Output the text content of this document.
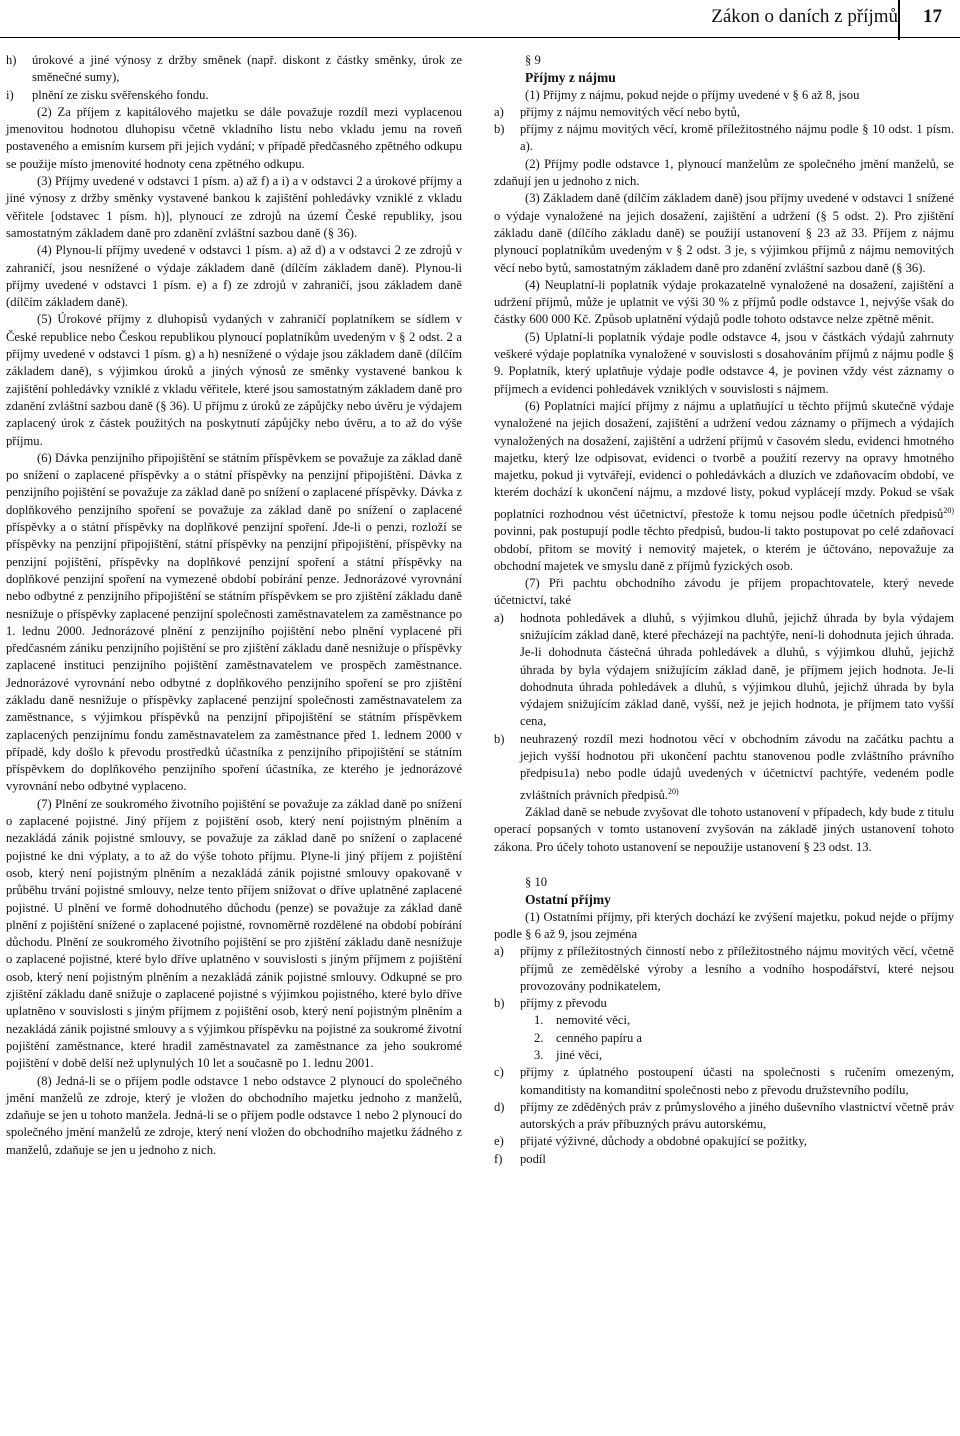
Zákon o daních z příjmů 17
h)	úrokové a jiné výnosy z držby směnek (např. diskont z částky směnky, úrok ze směnečné sumy),
i)	plnění ze zisku svěřenského fondu.

(2) Za příjem z kapitálového majetku se dále považuje rozdíl mezi vyplacenou jmenovitou hodnotou dluhopisu včetně vkladního listu nebo vkladu jemu na roveň postaveného a emisním kursem při jejich vydání; v případě předčasného zpětného odkupu se použije místo jmenovité hodnoty cena zpětného odkupu.

(3) Příjmy uvedené v odstavci 1 písm. a) až f) a i) a v odstavci 2 a úrokové příjmy a jiné výnosy z držby směnky vystavené bankou k zajištění pohledávky vzniklé z vkladu věřitele [odstavec 1 písm. h)], plynoucí ze zdrojů na území České republiky, jsou samostatným základem daně pro zdanění zvláštní sazbou daně (§ 36).

(4) Plynou-li příjmy uvedené v odstavci 1 písm. a) až d) a v odstavci 2 ze zdrojů v zahraničí, jsou nesnížené o výdaje základem daně (dílčím základem daně). Plynou-li příjmy uvedené v odstavci 1 písm. e) a f) ze zdrojů v zahraničí, jsou základem daně (dílčím základem daně).

(5) Úrokové příjmy z dluhopisů vydaných v zahraničí poplatníkem se sídlem v České republice nebo Českou republikou plynoucí poplatníkům uvedeným v § 2 odst. 2 a příjmy uvedené v odstavci 1 písm. g) a h) nesnížené o výdaje jsou základem daně (dílčím základem daně), s výjimkou úroků a jiných výnosů ze směnky vystavené bankou k zajištění pohledávky vzniklé z vkladu věřitele, které jsou samostatným základem daně pro zdanění zvláštní sazbou daně (§ 36). U příjmu z úroků ze zápůjčky nebo úvěru je výdajem zaplacený úrok z částek použitých na poskytnutí zápůjčky nebo úvěru, a to až do výše příjmu.

(6) Dávka penzijního připojištění se státním příspěvkem se považuje za základ daně po snížení o zaplacené příspěvky a o státní příspěvky na penzijní připojištění. Dávka z penzijního pojištění se považuje za základ daně po snížení o zaplacené příspěvky. Dávka z doplňkového penzijního spoření se považuje za základ daně po snížení o zaplacené příspěvky a o státní příspěvky na doplňkové penzijní spoření. Jde-li o penzi, rozloží se příspěvky na penzijní připojištění, státní příspěvky na penzijní připojištění, příspěvky na penzijní pojištění, příspěvky na doplňkové penzijní spoření a státní příspěvky na doplňkové penzijní spoření na vymezené období pobírání penze. Jednorázové vyrovnání nebo odbytné z penzijního připojištění se státním příspěvkem se pro zjištění základu daně nesnižuje o příspěvky zaplacené penzijní společnosti zaměstnavatelem za zaměstnance po 1. lednu 2000. Jednorázové plnění z penzijního pojištění nebo plnění vyplacené při předčasném zániku penzijního pojištění se pro zjištění základu daně nesnižuje o příspěvky zaplacené instituci penzijního pojištění zaměstnavatelem ve prospěch zaměstnance. Jednorázové vyrovnání nebo odbytné z doplňkového penzijního spoření se pro zjištění základu daně nesnižuje o příspěvky zaplacené penzijní společnosti zaměstnavatelem za zaměstnance, s výjimkou příspěvků na penzijní připojištění se státním příspěvkem zaplacených penzijnímu fondu zaměstnavatelem za zaměstnance před 1. lednem 2000 v případě, kdy došlo k převodu prostředků účastníka z penzijního připojištění se státním příspěvkem do doplňkového penzijního spoření účastníka, ze kterého je jednorázové vyrovnání nebo odbytné vyplaceno.

(7) Plnění ze soukromého životního pojištění se považuje za základ daně po snížení o zaplacené pojistné. Jiný příjem z pojištění osob, který není pojistným plněním a nezakládá zánik pojistné smlouvy, se považuje za základ daně po snížení o zaplacené pojistné ke dni výplaty, a to až do výše tohoto příjmu. Plyne-li jiný příjem z pojištění osob, který není pojistným plněním a nezakládá zánik pojistné smlouvy opakovaně v průběhu trvání pojistné smlouvy, nelze tento příjem snižovat o dříve uplatněné zaplacené pojistné. U plnění ve formě dohodnutého důchodu (penze) se považuje za základ daně plnění z pojištění snížené o zaplacené pojistné, rovnoměrně rozdělené na období pobírání důchodu. Plnění ze soukromého životního pojištění se pro zjištění základu daně nesnižuje o zaplacené pojistné, které bylo dříve uplatněno v souvislosti s jiným příjmem z pojištění osob, který není pojistným plněním a nezakládá zánik pojistné smlouvy. Odkupné se pro zjištění základu daně snižuje o zaplacené pojistné s výjimkou pojistného, které bylo dříve uplatněno v souvislosti s jiným příjmem z pojištění osob, který není pojistným plněním a nezakládá zánik pojistné smlouvy a s výjimkou příspěvku na pojistné za soukromé životní pojištění zaměstnance, které hradil zaměstnavatel za zaměstnance za jeho soukromé pojištění v době delší než uplynulých 10 let a současně po 1. lednu 2001.

(8) Jedná-li se o příjem podle odstavce 1 nebo odstavce 2 plynoucí do společného jmění manželů ze zdroje, který je vložen do obchodního majetku jednoho z manželů, zdaňuje se jen u tohoto manžela. Jedná-li se o příjem podle odstavce 1 nebo 2 plynoucí do společného jmění manželů ze zdroje, který není vložen do obchodního majetku žádného z manželů, zdaňuje se jen u jednoho z nich.

§ 9

Příjmy z nájmu

(1) Příjmy z nájmu, pokud nejde o příjmy uvedené v § 6 až 8, jsou

a)	příjmy z nájmu nemovitých věcí nebo bytů,
b)	příjmy z nájmu movitých věcí, kromě příležitostného nájmu podle § 10 odst. 1 písm. a).

(2) Příjmy podle odstavce 1, plynoucí manželům ze společného jmění manželů, se zdaňují jen u jednoho z nich.

(3) Základem daně (dílčím základem daně) jsou příjmy uvedené v odstavci 1 snížené o výdaje vynaložené na jejich dosažení, zajištění a udržení (§ 5 odst. 2). Pro zjištění základu daně (dílčího základu daně) se použijí ustanovení § 23 až 33. Příjem z nájmu plynoucí poplatníkům uvedeným v § 2 odst. 3 je, s výjimkou příjmů z nájmu nemovitých věcí nebo bytů, samostatným základem daně pro zdanění zvláštní sazbou daně (§ 36).

(4) Neuplatní-li poplatník výdaje prokazatelně vynaložené na dosažení, zajištění a udržení příjmů, může je uplatnit ve výši 30 % z příjmů podle odstavce 1, nejvýše však do částky 600 000 Kč. Způsob uplatnění výdajů podle tohoto odstavce nelze zpětně měnit.

(5) Uplatní-li poplatník výdaje podle odstavce 4, jsou v částkách výdajů zahrnuty veškeré výdaje poplatníka vynaložené v souvislosti s dosahováním příjmů z nájmu podle § 9. Poplatník, který uplatňuje výdaje podle odstavce 4, je povinen vždy vést záznamy o příjmech a evidenci pohledávek vzniklých v souvislosti s nájmem.

(6) Poplatníci mající příjmy z nájmu a uplatňující u těchto příjmů skutečně výdaje vynaložené na jejich dosažení, zajištění a udržení vedou záznamy o příjmech a výdajích vynaložených na dosažení, zajištění a udržení příjmů v časovém sledu, evidenci hmotného majetku, který lze odpisovat, evidenci o tvorbě a použití rezervy na opravy hmotného majetku, pokud ji vytvářejí, evidenci o pohledávkách a dluzích ve zdaňovacím období, ve kterém dochází k ukončení nájmu, a mzdové listy, pokud vyplácejí mzdy. Pokud se však poplatníci rozhodnou vést účetnictví, přestože k tomu nejsou podle účetních předpisů$^{20)}$ povinni, pak postupují podle těchto předpisů, budou-li takto postupovat po celé zdaňovací období, přitom se movitý i nemovitý majetek, o kterém je účtováno, nepovažuje za obchodní majetek ve smyslu daně z příjmů fyzických osob.

(7) Při pachtu obchodního závodu je příjem propachtovatele, který nevede účetnictví, také

a)	hodnota pohledávek a dluhů, s výjimkou dluhů, jejichž úhrada by byla výdajem snižujícím základ daně, které přecházejí na pachtýře, není-li dohodnuta jejich úhrada. Je-li dohodnuta částečná úhrada pohledávek a dluhů, s výjimkou dluhů, jejichž úhrada by byla výdajem snižujícím základ daně, je příjmem jejich hodnota. Je-li dohodnuta úhrada pohledávek a dluhů, s výjimkou dluhů, jejichž úhrada by byla výdajem snižujícím základ daně, vyšší, než je jejich hodnota, je příjmem tato vyšší cena,
b)	neuhrazený rozdíl mezi hodnotou věcí v obchodním závodu na začátku pachtu a jejich vyšší hodnotou při ukončení pachtu stanovenou podle zvláštního právního předpisu1a) nebo podle údajů uvedených v účetnictví pachtýře, vedeném podle zvláštních právních předpisů.$^{20)}$

Základ daně se nebude zvyšovat dle tohoto ustanovení v případech, kdy bude z titulu operací popsaných v tomto ustanovení zvyšován na základě jiných ustanovení tohoto zákona. Pro účely tohoto ustanovení se nepoužije ustanovení § 23 odst. 13.

§ 10

Ostatní příjmy

(1) Ostatními příjmy, při kterých dochází ke zvýšení majetku, pokud nejde o příjmy podle § 6 až 9, jsou zejména

a)	příjmy z příležitostných činností nebo z příležitostného nájmu movitých věcí, včetně příjmů ze zemědělské výroby a lesního a vodního hospodářství, které nejsou provozovány podnikatelem,
b)	příjmy z převodu
1. nemovité věci,
2. cenného papíru a
3. jiné věci,
c)	příjmy z úplatného postoupení účasti na společnosti s ručením omezeným, komanditisty na komanditní společnosti nebo z převodu družstevního podílu,
d)	příjmy ze zděděných práv z průmyslového a jiného duševního vlastnictví včetně práv autorských a práv příbuzných právu autorskému,
e)	přijaté výživné, důchody a obdobné opakující se požitky,
f)	podíl
